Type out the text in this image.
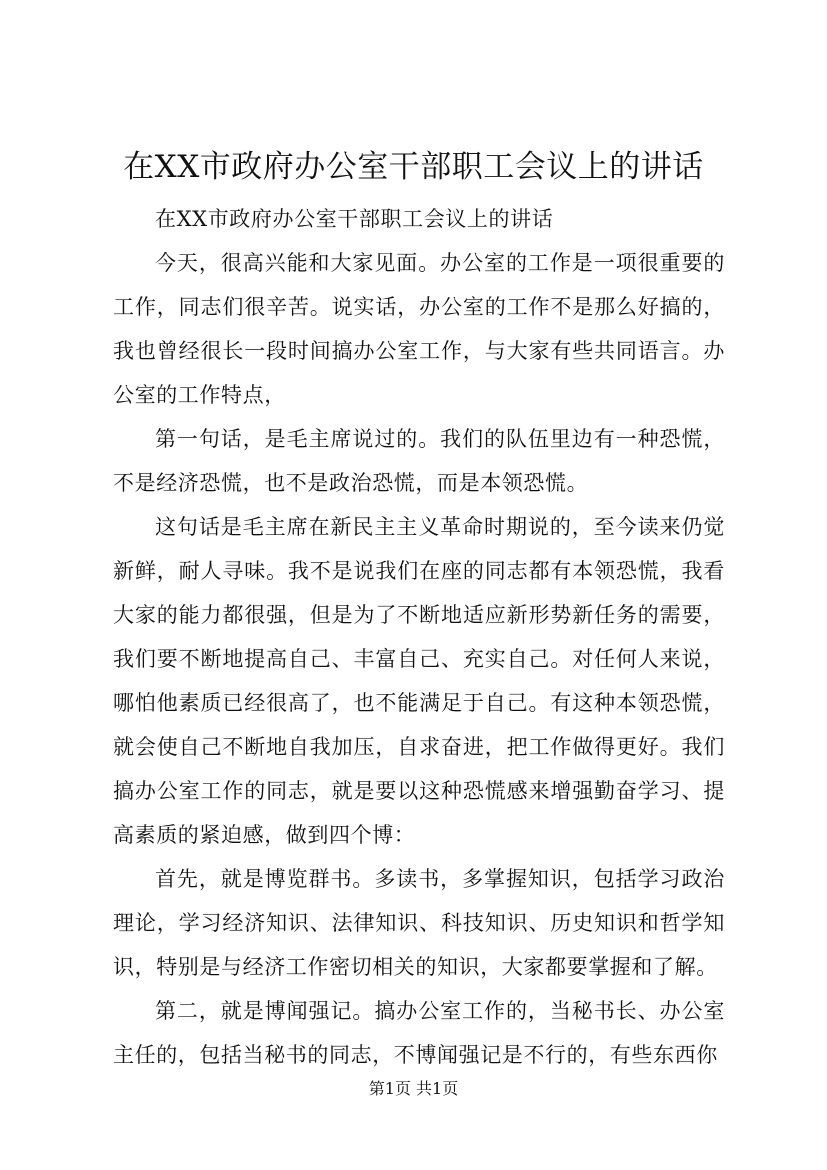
在XX市政府办公室干部职工会议上的讲话

在XX市政府办公室干部职工会议上的讲话

今天，很高兴能和大家见面。办公室的工作是一项很重要的工作，同志们很辛苦。说实话，办公室的工作不是那么好搞的，我也曾经很长一段时间搞办公室工作，与大家有些共同语言。办公室的工作特点，

第一句话，是毛主席说过的。我们的队伍里边有一种恐慌，不是经济恐慌，也不是政治恐慌，而是本领恐慌。

这句话是毛主席在新民主主义革命时期说的，至今读来仍觉新鲜，耐人寻味。我不是说我们在座的同志都有本领恐慌，我看大家的能力都很强，但是为了不断地适应新形势新任务的需要，我们要不断地提高自己、丰富自己、充实自己。对任何人来说，哪怕他素质已经很高了，也不能满足于自己。有这种本领恐慌，就会使自己不断地自我加压，自求奋进，把工作做得更好。我们搞办公室工作的同志，就是要以这种恐慌感来增强勤奋学习、提高素质的紧迫感，做到四个博：

首先，就是博览群书。多读书，多掌握知识，包括学习政治理论，学习经济知识、法律知识、科技知识、历史知识和哲学知识，特别是与经济工作密切相关的知识，大家都要掌握和了解。

第二，就是博闻强记。搞办公室工作的，当秘书长、办公室主任的，包括当秘书的同志，不博闻强记是不行的，有些东西你

第1页 共1页
